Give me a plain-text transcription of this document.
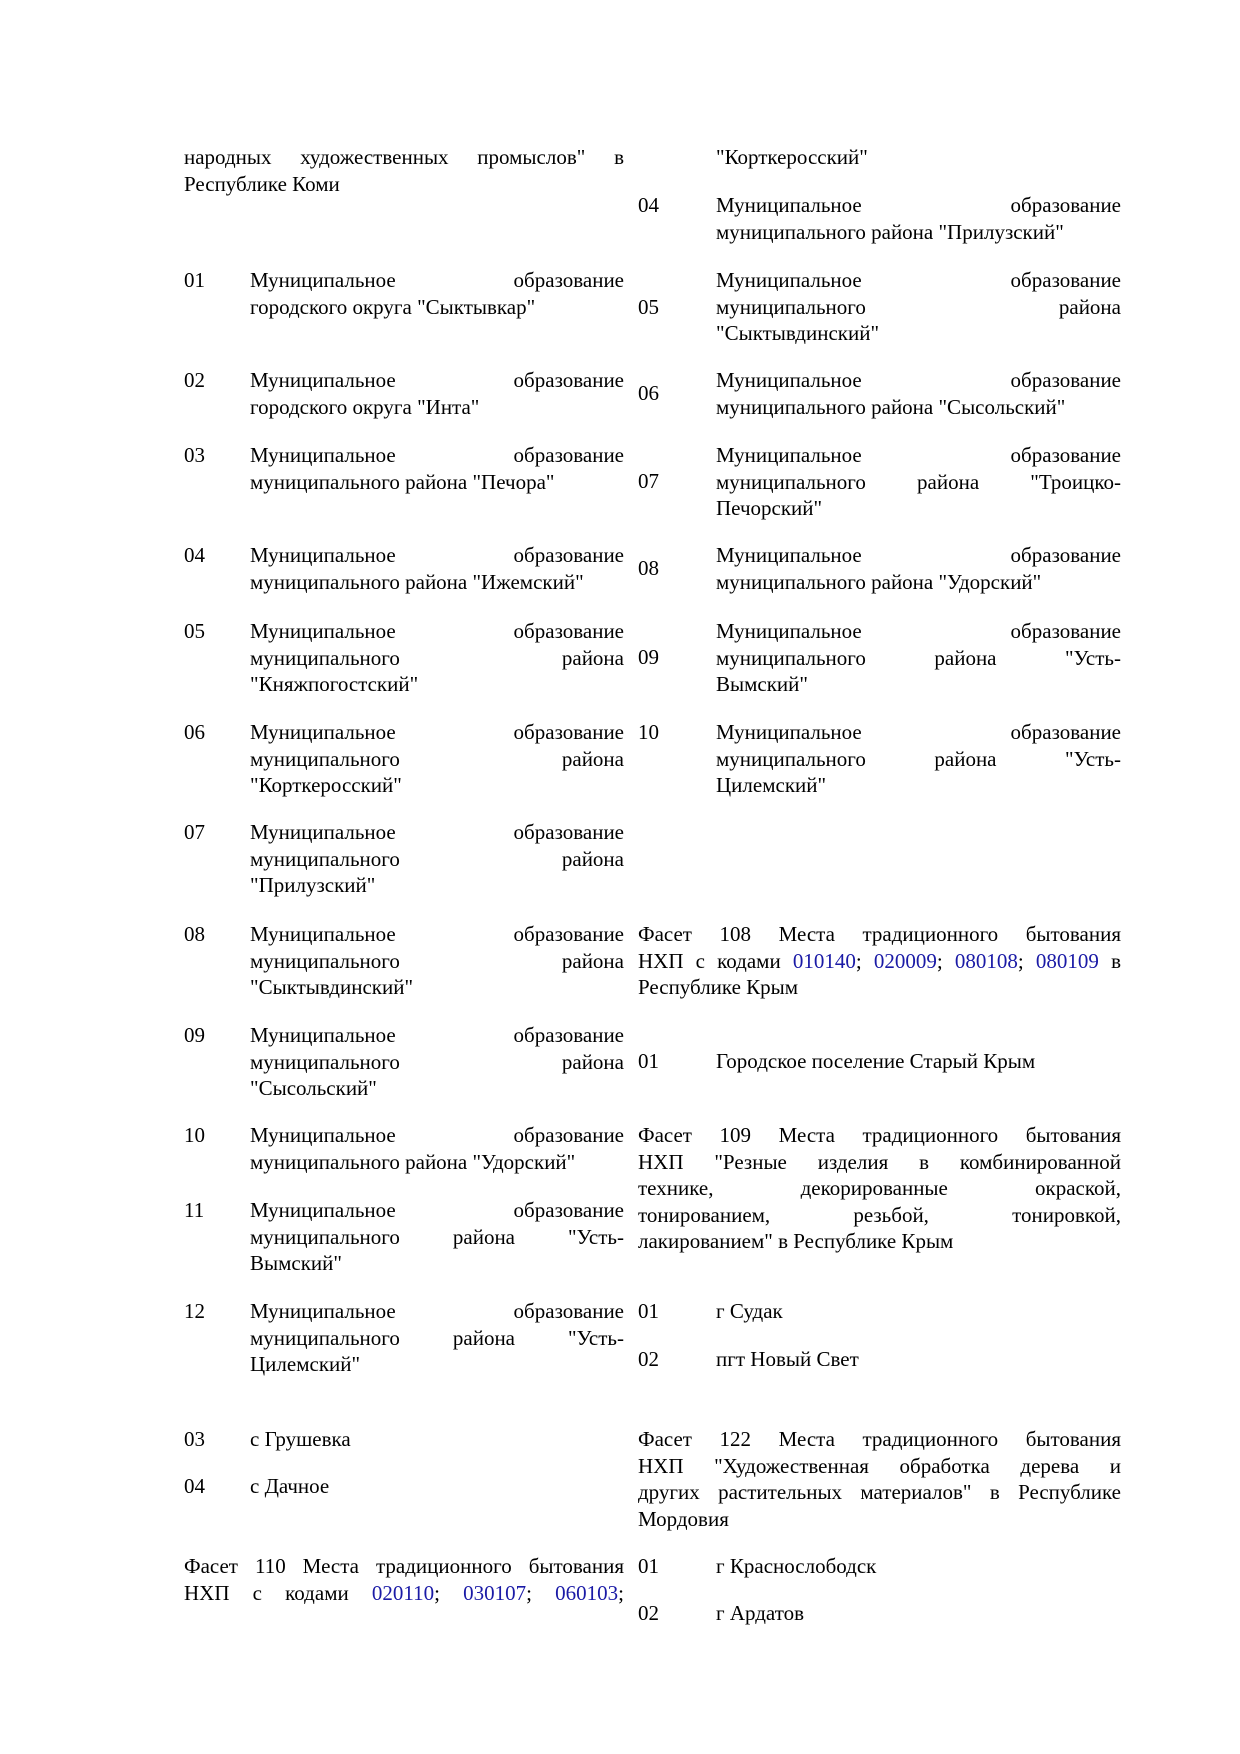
народных художественных промыслов" в
Республике Коми
01 Муниципальное образование
городского округа "Сыктывкар"
02 Муниципальное образование
городского округа "Инта"
03 Муниципальное образование
муниципального района "Печора"
04 Муниципальное образование
муниципального района "Ижемский"
05 Муниципальное образование
муниципального района
"Княжпогостский"
06 Муниципальное образование
муниципального района
"Корткеросский"
07 Муниципальное образование
муниципального района
"Прилузский"
08 Муниципальное образование
муниципального района
"Сыктывдинский"
09 Муниципальное образование
муниципального района
"Сысольский"
10 Муниципальное образование
муниципального района "Удорский"
11 Муниципальное образование
муниципального района "Усть-
Вымский"
12 Муниципальное образование
муниципального района "Усть-
Цилемский"
03 с Грушевка
04 с Дачное
Фасет 110 Места традиционного бытования
НХП с кодами 020110; 030107; 060103;
"Корткеросский"
04	Муниципальное образование
муниципального района "Прилузский"
05
Муниципальное образование
муниципального района
"Сыктывдинский"
06
Муниципальное образование
муниципального района "Сысольский"
07
Муниципальное образование
муниципального района "Троицко-
Печорский"
08
Муниципальное образование
муниципального района "Удорский"
09
Муниципальное образование
муниципального района "Усть-
Вымский"
10	Муниципальное образование
муниципального района "Усть-
Цилемский"
Фасет 108 Места традиционного бытования
НХП с кодами 010140; 020009; 080108; 080109 в
Республике Крым
01	Городское поселение Старый Крым
Фасет 109 Места традиционного бытования
НХП "Резные изделия в комбинированной
технике, декорированные окраской,
тонированием, резьбой, тонировкой,
лакированием" в Республике Крым
01	г Судак
02	пгт Новый Свет
Фасет 122 Места традиционного бытования
НХП "Художественная обработка дерева и
других растительных материалов" в Республике
Мордовия
01	г Краснослободск
02	г Ардатов
